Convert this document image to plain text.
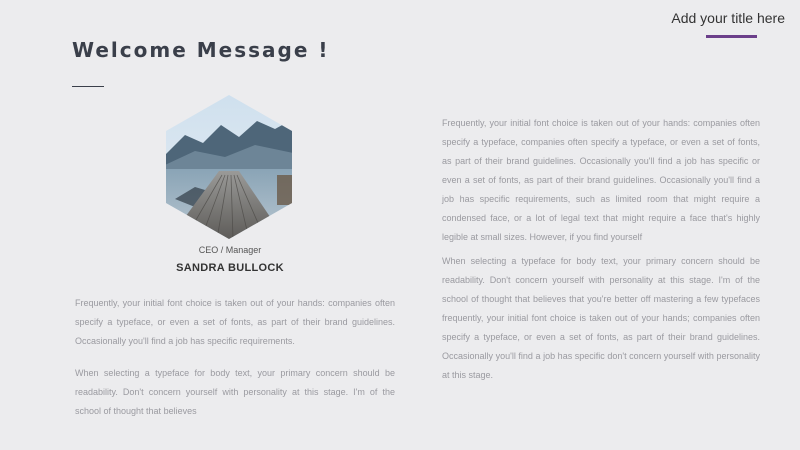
Add your title here
Welcome Message !
CEO / Manager
SANDRA BULLOCK

Frequently, your initial font choice is taken out of your hands: companies often specify a typeface, or even a set of fonts, as part of their brand guidelines. Occasionally you'll find a job has specific requirements.

When selecting a typeface for body text, your primary concern should be readability. Don't concern yourself with personality at this stage. I'm of the school of thought that believes

Frequently, your initial font choice is taken out of your hands: companies often specify a typeface, companies often specify a typeface, or even a set of fonts, as part of their brand guidelines. Occasionally you'll find a job has specific or even a set of fonts, as part of their brand guidelines. Occasionally you'll find a job has specific requirements, such as limited room that might require a condensed face, or a lot of legal text that might require a face that's highly legible at small sizes. However, if you find yourself

When selecting a typeface for body text, your primary concern should be readability. Don't concern yourself with personality at this stage. I'm of the school of thought that believes that you're better off mastering a few typefaces frequently, your initial font choice is taken out of your hands; companies often specify a typeface, or even a set of fonts, as part of their brand guidelines. Occasionally you'll find a job has specific don't concern yourself with personality at this stage.
